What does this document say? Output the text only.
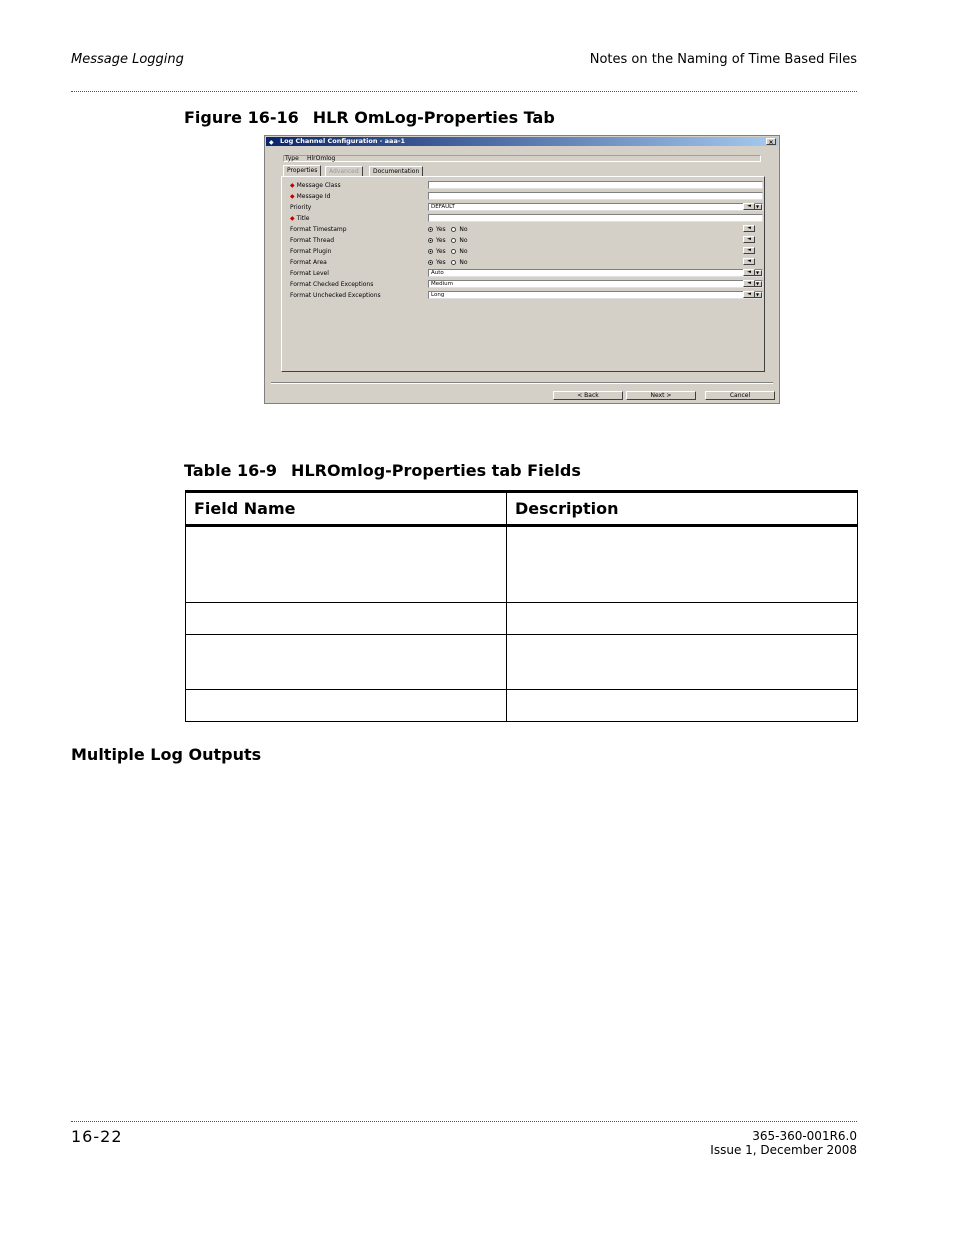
Message Logging	Notes on the Naming of Time Based Files
Figure 16-16 HLR OmLog-Properties Tab
◆ Log Channel Configuration - aaa-1	×
Type HlrOmlog
Properties	Advanced	Documentation
◆ Message Class
◆ Message Id
Priority	DEFAULT	▼
◆ Title
Format Timestamp	Yes No
Format Thread	Yes No
Format Plugin	Yes No
Format Area	Yes No
Format Level	Auto	▼
Format Checked Exceptions	Medium	▼
Format Unchecked Exceptions	Long	▼
◄
◄
◄
◄
◄
◄
◄
◄
< Back	Next >	Cancel
Table 16-9 HLROmlog-Properties tab Fields
Field Name	Description

Multiple Log Outputs
16-22	365-360-001R6.0
Issue 1, December 2008
